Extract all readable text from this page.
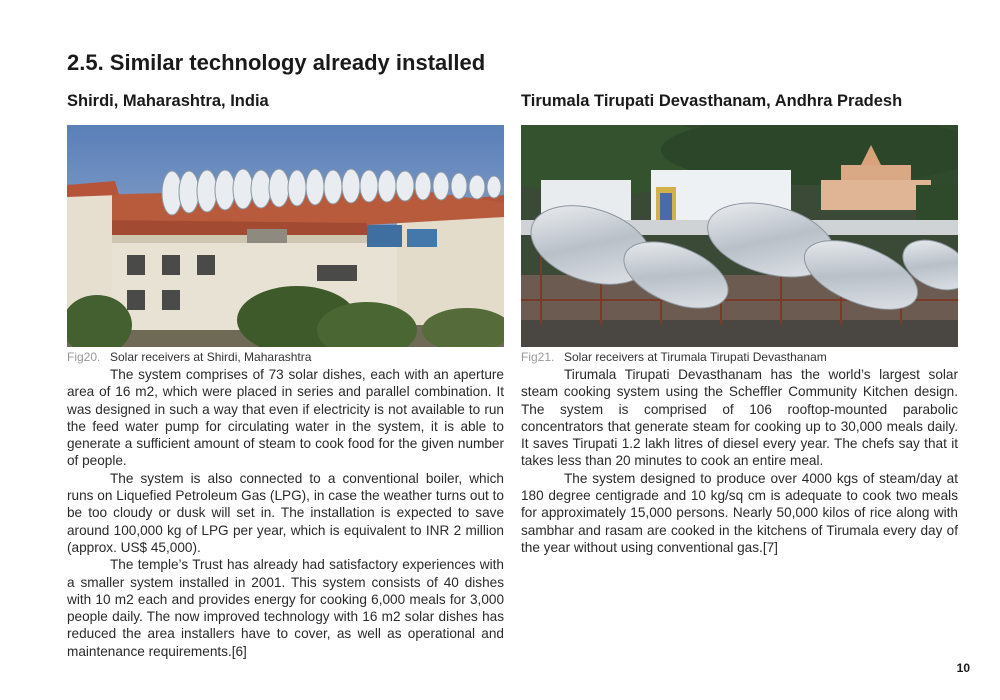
2.5. Similar technology already installed
Shirdi, Maharashtra, India
Fig20. Solar receivers at Shirdi, Maharashtra

The system comprises of 73 solar dishes, each with an aperture area of 16 m2, which were placed in series and parallel combination. It was designed in such a way that even if electricity is not available to run the feed water pump for circulating water in the system, it is able to generate a sufficient amount of steam to cook food for the given number of people.

The system is also connected to a conventional boiler, which runs on Liquefied Petroleum Gas (LPG), in case the weather turns out to be too cloudy or dusk will set in. The installation is expected to save around 100,000 kg of LPG per year, which is equivalent to INR 2 million (approx. US$ 45,000).

The temple’s Trust has already had satisfactory experiences with a smaller system installed in 2001. This system consists of 40 dishes with 10 m2 each and provides energy for cooking 6,000 meals for 3,000 people daily. The now improved technology with 16 m2 solar dishes has reduced the area installers have to cover, as well as operational and maintenance requirements.[6]

Tirumala Tirupati Devasthanam, Andhra Pradesh
Fig21. Solar receivers at Tirumala Tirupati Devasthanam

Tirumala Tirupati Devasthanam has the world’s largest solar steam cooking system using the Scheffler Community Kitchen design. The system is comprised of 106 rooftop-mounted parabolic concentrators that generate steam for cooking up to 30,000 meals daily. It saves Tirupati 1.2 lakh litres of diesel every year. The chefs say that it takes less than 20 minutes to cook an entire meal.

The system designed to produce over 4000 kgs of steam/day at 180 degree centigrade and 10 kg/sq cm is adequate to cook two meals for approximately 15,000 persons. Nearly 50,000 kilos of rice along with sambhar and rasam are cooked in the kitchens of Tirumala every day of the year without using conventional gas.[7]

10
